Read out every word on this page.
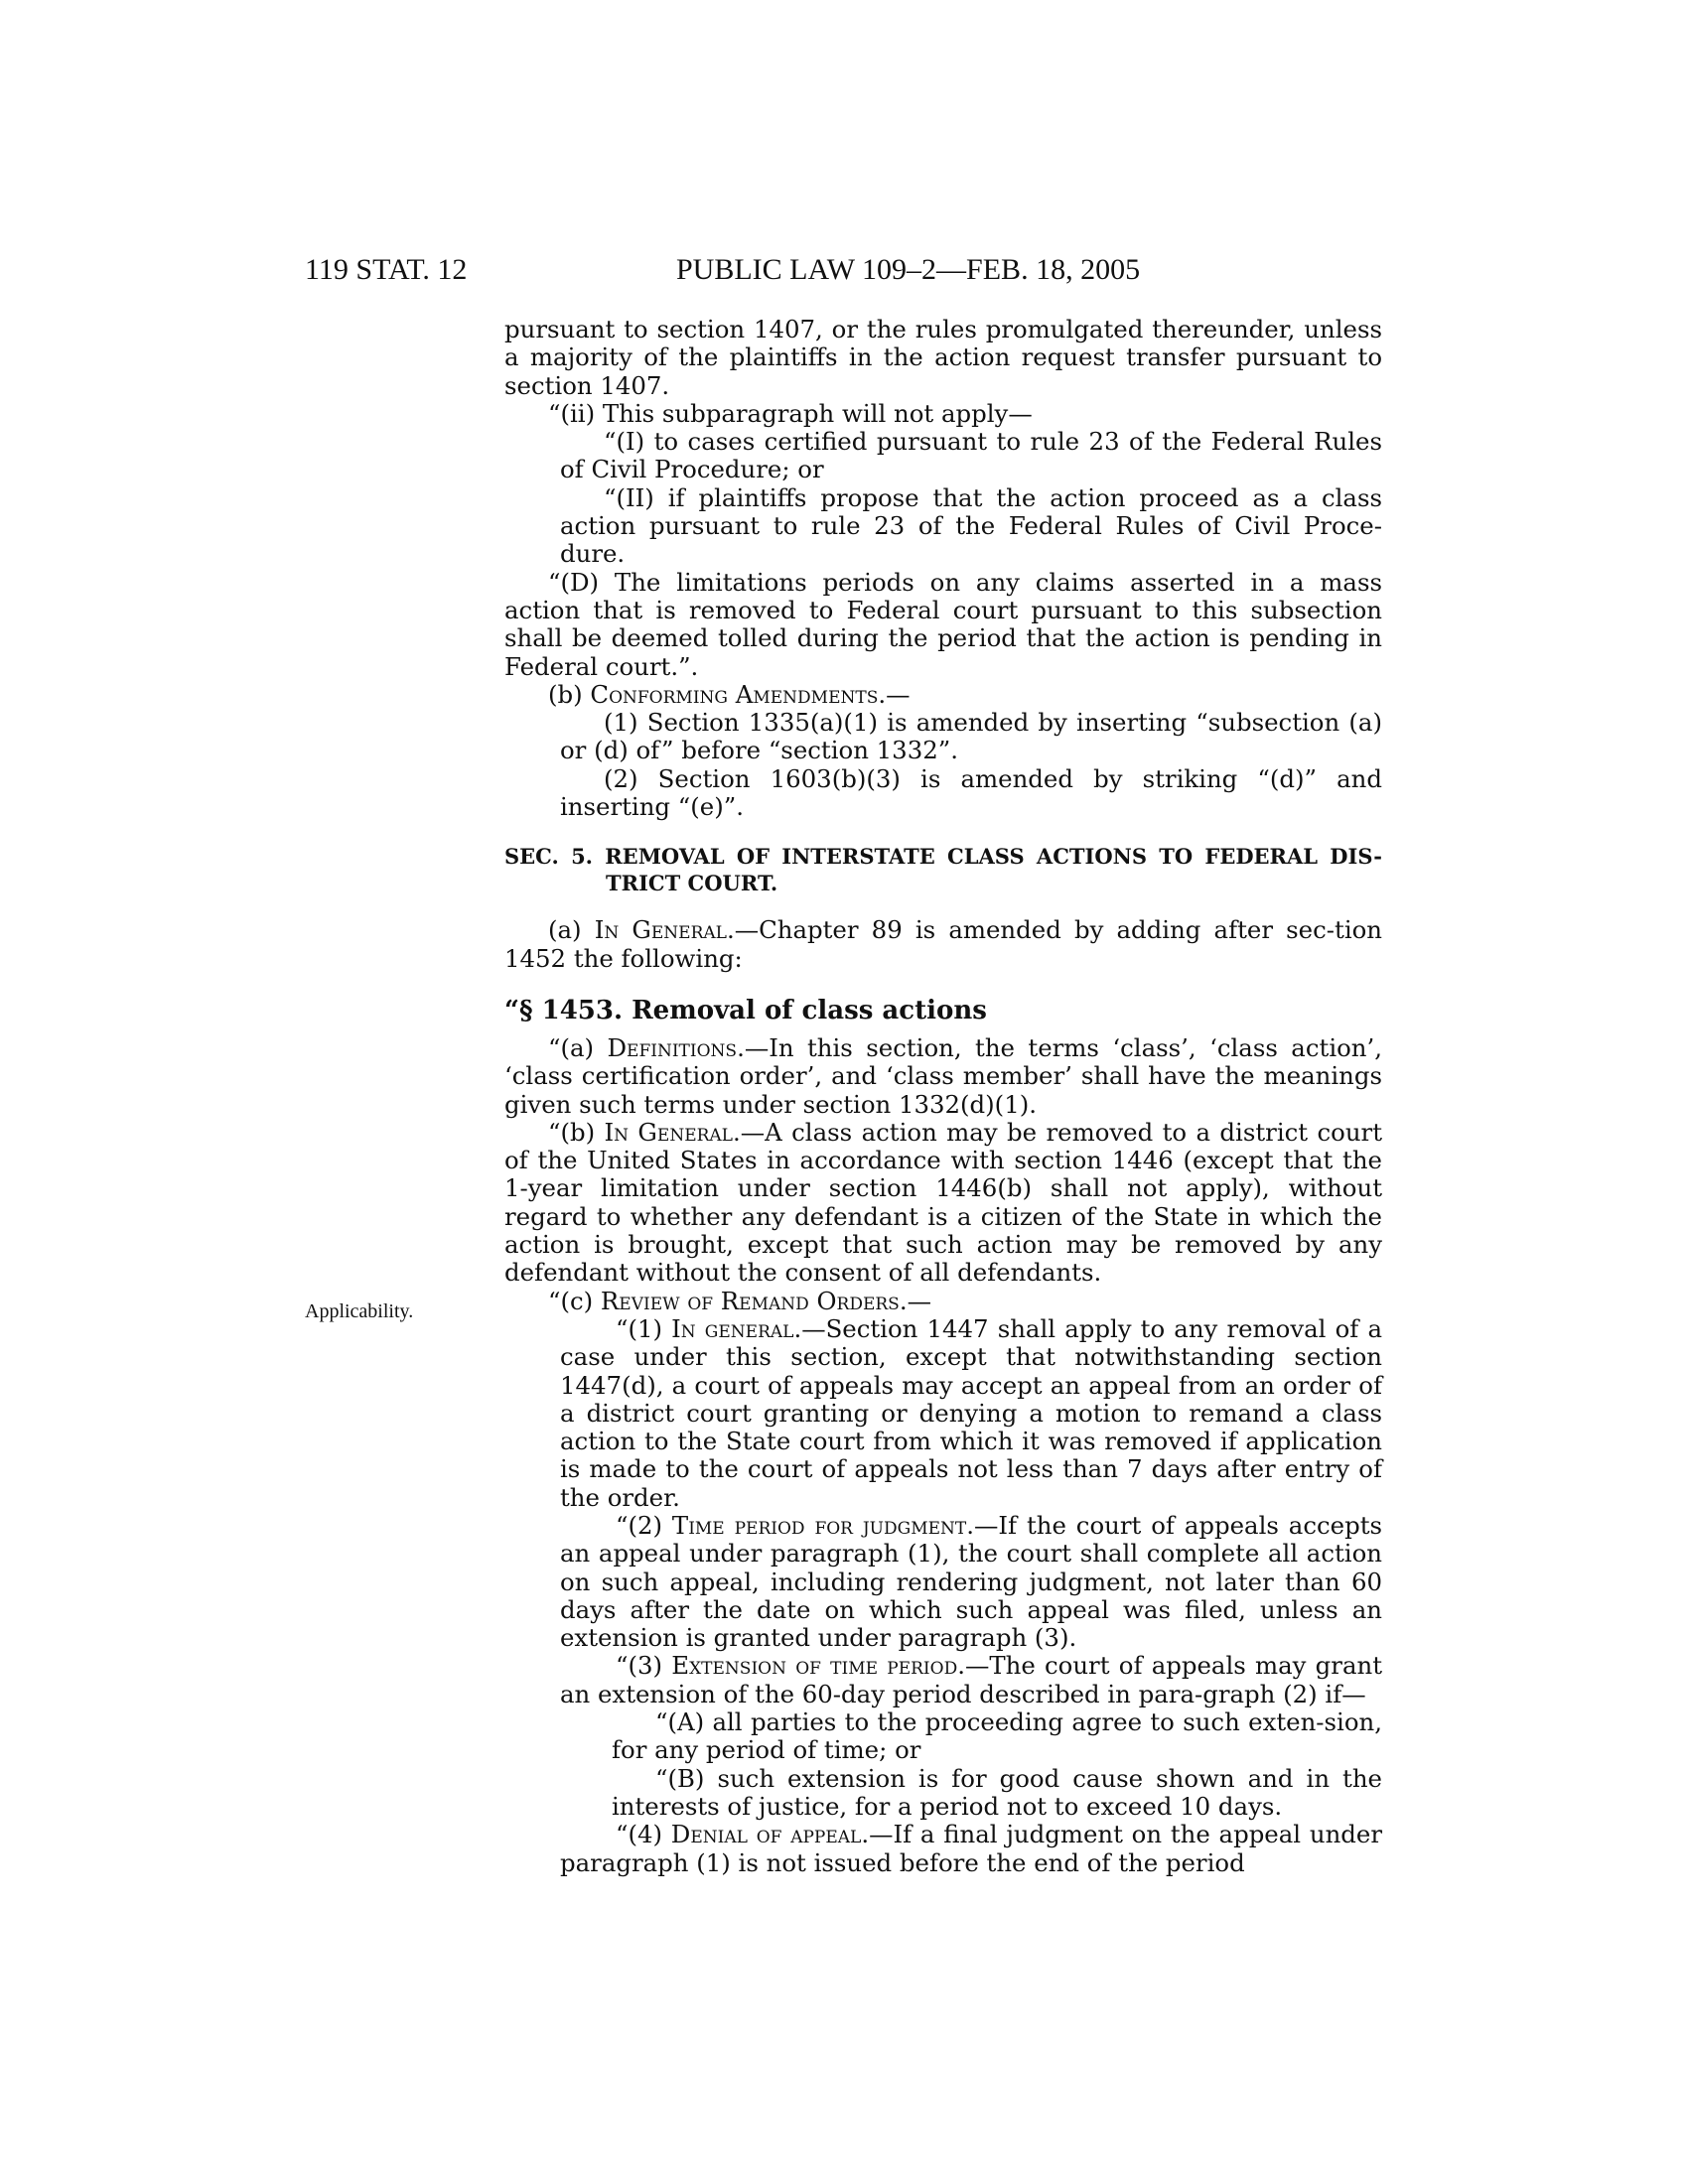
119 STAT. 12	PUBLIC LAW 109–2—FEB. 18, 2005
Applicability.

pursuant to section 1407, or the rules promulgated thereunder, unless a majority of the plaintiffs in the action request transfer pursuant to section 1407.

“(ii) This subparagraph will not apply—

“(I) to cases certified pursuant to rule 23 of the Federal Rules of Civil Procedure; or

“(II) if plaintiffs propose that the action proceed as a class action pursuant to rule 23 of the Federal Rules of Civil Proce-dure.

“(D) The limitations periods on any claims asserted in a mass action that is removed to Federal court pursuant to this subsection shall be deemed tolled during the period that the action is pending in Federal court.”.

(b) Conforming Amendments.—

(1) Section 1335(a)(1) is amended by inserting “subsection (a) or (d) of” before “section 1332”.

(2) Section 1603(b)(3) is amended by striking “(d)” and inserting “(e)”.

SEC. 5. REMOVAL OF INTERSTATE CLASS ACTIONS TO FEDERAL DIS-TRICT COURT.

(a) In General.—Chapter 89 is amended by adding after sec-tion 1452 the following:

“§ 1453. Removal of class actions

“(a) Definitions.—In this section, the terms ‘class’, ‘class action’, ‘class certification order’, and ‘class member’ shall have the meanings given such terms under section 1332(d)(1).

“(b) In General.—A class action may be removed to a district court of the United States in accordance with section 1446 (except that the 1-year limitation under section 1446(b) shall not apply), without regard to whether any defendant is a citizen of the State in which the action is brought, except that such action may be removed by any defendant without the consent of all defendants.

“(c) Review of Remand Orders.—

“(1) In general.—Section 1447 shall apply to any removal of a case under this section, except that notwithstanding section 1447(d), a court of appeals may accept an appeal from an order of a district court granting or denying a motion to remand a class action to the State court from which it was removed if application is made to the court of appeals not less than 7 days after entry of the order.

“(2) Time period for judgment.—If the court of appeals accepts an appeal under paragraph (1), the court shall complete all action on such appeal, including rendering judgment, not later than 60 days after the date on which such appeal was filed, unless an extension is granted under paragraph (3).

“(3) Extension of time period.—The court of appeals may grant an extension of the 60-day period described in para-graph (2) if—

“(A) all parties to the proceeding agree to such exten-sion, for any period of time; or

“(B) such extension is for good cause shown and in the interests of justice, for a period not to exceed 10 days.

“(4) Denial of appeal.—If a final judgment on the appeal under paragraph (1) is not issued before the end of the period
